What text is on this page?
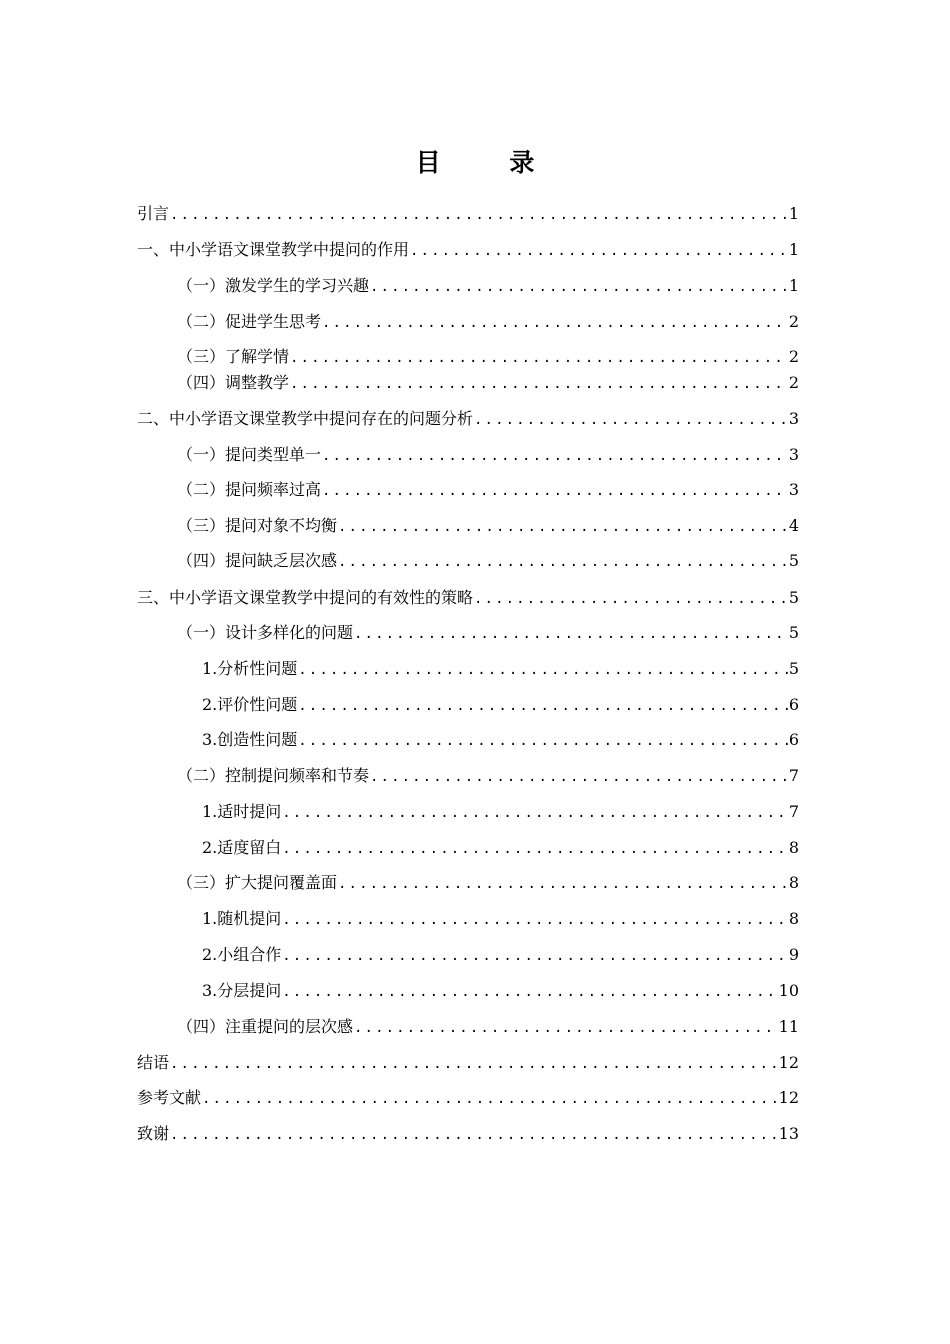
目 录
引言 .....	1
一、中小学语文课堂教学中提问的作用 .....	1
（一）激发学生的学习兴趣 .....	1
（二）促进学生思考 .....	2
（三）了解学情 .....	2
（四）调整教学 .....	2
二、中小学语文课堂教学中提问存在的问题分析 .....	3
（一）提问类型单一 .....	3
（二）提问频率过高 .....	3
（三）提问对象不均衡 .....	4
（四）提问缺乏层次感 .....	5
三、中小学语文课堂教学中提问的有效性的策略 .....	5
（一）设计多样化的问题 .....	5
1.分析性问题 .....	5
2.评价性问题 .....	6
3.创造性问题 .....	6
（二）控制提问频率和节奏 .....	7
1.适时提问 .....	7
2.适度留白 .....	8
（三）扩大提问覆盖面 .....	8
1.随机提问 .....	8
2.小组合作 .....	9
3.分层提问 .....	10
（四）注重提问的层次感 .....	11
结语 .....	12
参考文献 .....	12
致谢 .....	13
